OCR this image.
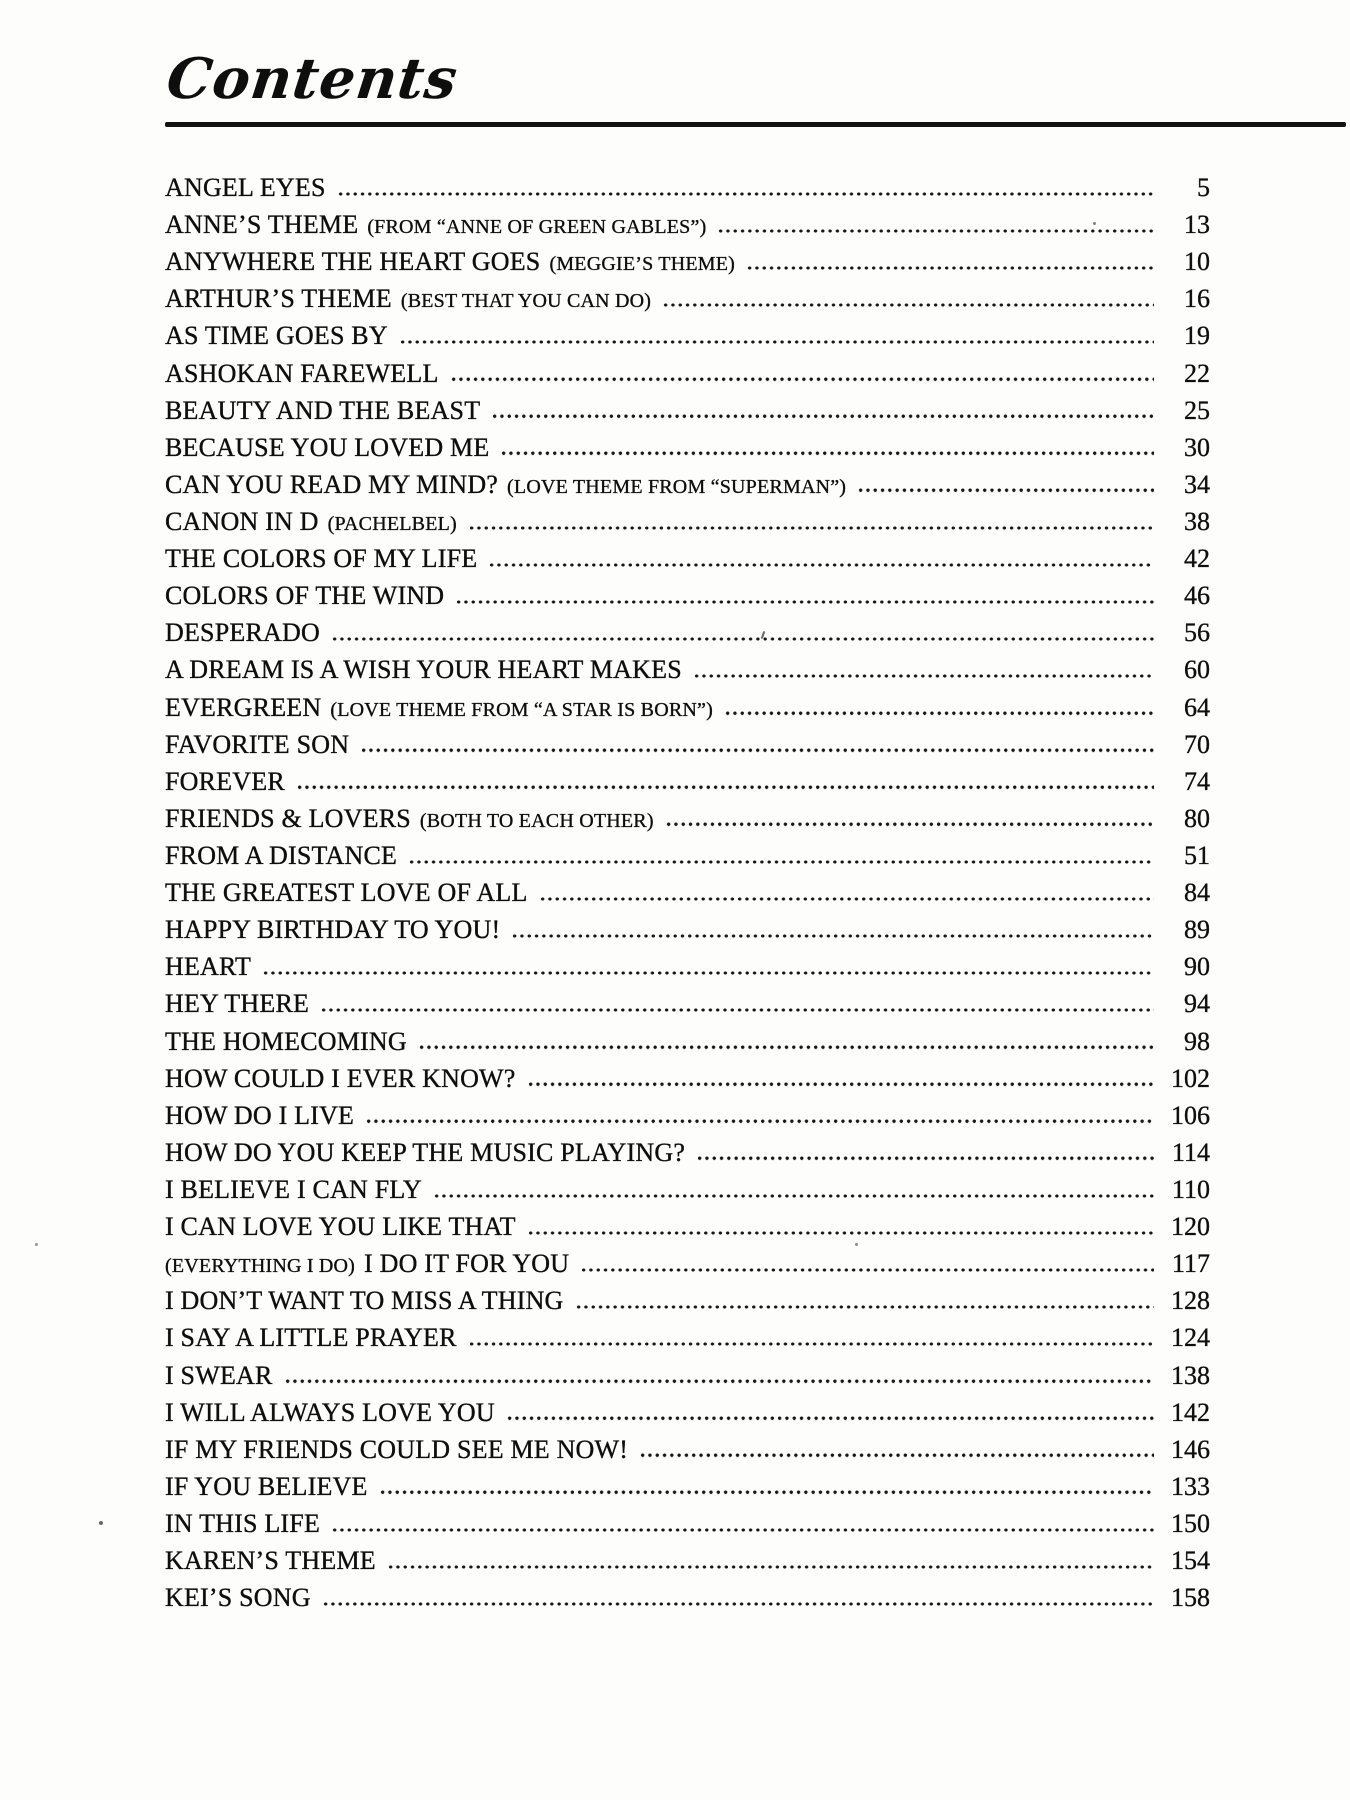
Contents
ANGEL EYES	5
ANNE’S THEME (FROM “ANNE OF GREEN GABLES”)	13
ANYWHERE THE HEART GOES (MEGGIE’S THEME)	10
ARTHUR’S THEME (BEST THAT YOU CAN DO)	16
AS TIME GOES BY	19
ASHOKAN FAREWELL	22
BEAUTY AND THE BEAST	25
BECAUSE YOU LOVED ME	30
CAN YOU READ MY MIND? (LOVE THEME FROM “SUPERMAN”)	34
CANON IN D (PACHELBEL)	38
THE COLORS OF MY LIFE	42
COLORS OF THE WIND	46
DESPERADO	56
A DREAM IS A WISH YOUR HEART MAKES	60
EVERGREEN (LOVE THEME FROM “A STAR IS BORN”)	64
FAVORITE SON	70
FOREVER	74
FRIENDS & LOVERS (BOTH TO EACH OTHER)	80
FROM A DISTANCE	51
THE GREATEST LOVE OF ALL	84
HAPPY BIRTHDAY TO YOU!	89
HEART	90
HEY THERE	94
THE HOMECOMING	98
HOW COULD I EVER KNOW?	102
HOW DO I LIVE	106
HOW DO YOU KEEP THE MUSIC PLAYING?	114
I BELIEVE I CAN FLY	110
I CAN LOVE YOU LIKE THAT	120
(EVERYTHING I DO) I DO IT FOR YOU	117
I DON’T WANT TO MISS A THING	128
I SAY A LITTLE PRAYER	124
I SWEAR	138
I WILL ALWAYS LOVE YOU	142
IF MY FRIENDS COULD SEE ME NOW!	146
IF YOU BELIEVE	133
IN THIS LIFE	150
KAREN’S THEME	154
KEI’S SONG	158
